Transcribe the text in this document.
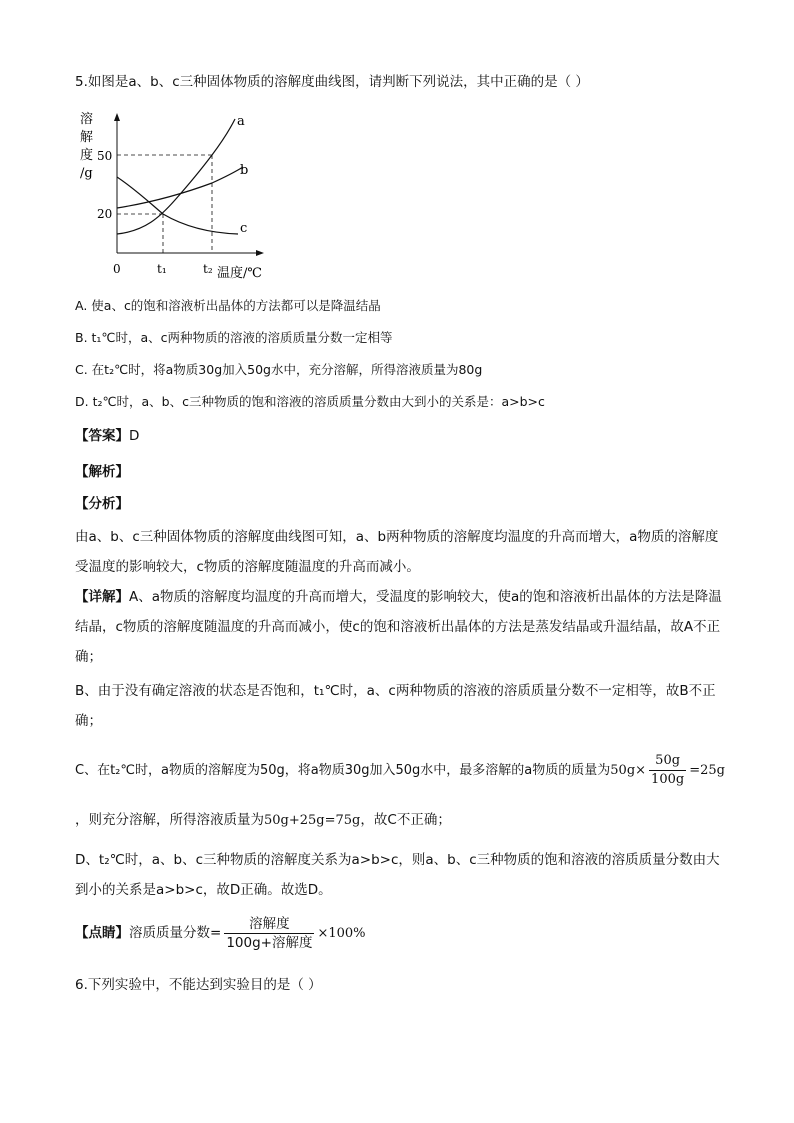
5.如图是a、b、c三种固体物质的溶解度曲线图，请判断下列说法，其中正确的是（ ）
溶
解
度
/g
50
20
0	t₁	t₂ 温度/℃
a
b
c
A. 使a、c的饱和溶液析出晶体的方法都可以是降温结晶
B. t₁℃时，a、c两种物质的溶液的溶质质量分数一定相等
C. 在t₂℃时，将a物质30g加入50g水中，充分溶解，所得溶液质量为80g
D. t₂℃时，a、b、c三种物质的饱和溶液的溶质质量分数由大到小的关系是：a>b>c
【答案】D
【解析】
【分析】
由a、b、c三种固体物质的溶解度曲线图可知，a、b两种物质的溶解度均温度的升高而增大，a物质的溶解度受温度的影响较大，c物质的溶解度随温度的升高而减小。
【详解】A、a物质的溶解度均温度的升高而增大，受温度的影响较大，使a的饱和溶液析出晶体的方法是降温结晶，c物质的溶解度随温度的升高而减小，使c的饱和溶液析出晶体的方法是蒸发结晶或升温结晶，故A不正确；
B、由于没有确定溶液的状态是否饱和，t₁℃时，a、c两种物质的溶液的溶质质量分数不一定相等，故B不正确；
C、在t₂℃时，a物质的溶解度为50g，将a物质30g加入50g水中，最多溶解的a物质的质量为$50g\times \frac{50g}{100g} =25g$
，则充分溶解，所得溶液质量为50g+25g=75g，故C不正确；
D、t₂℃时，a、b、c三种物质的溶解度关系为a>b>c，则a、b、c三种物质的饱和溶液的溶质质量分数由大到小的关系是a>b>c，故D正确。故选D。
【点睛】溶质质量分数= $\frac{\text{溶解度}}{\text{100g+溶解度}} \times 100\%$
6.下列实验中，不能达到实验目的是（ ）
